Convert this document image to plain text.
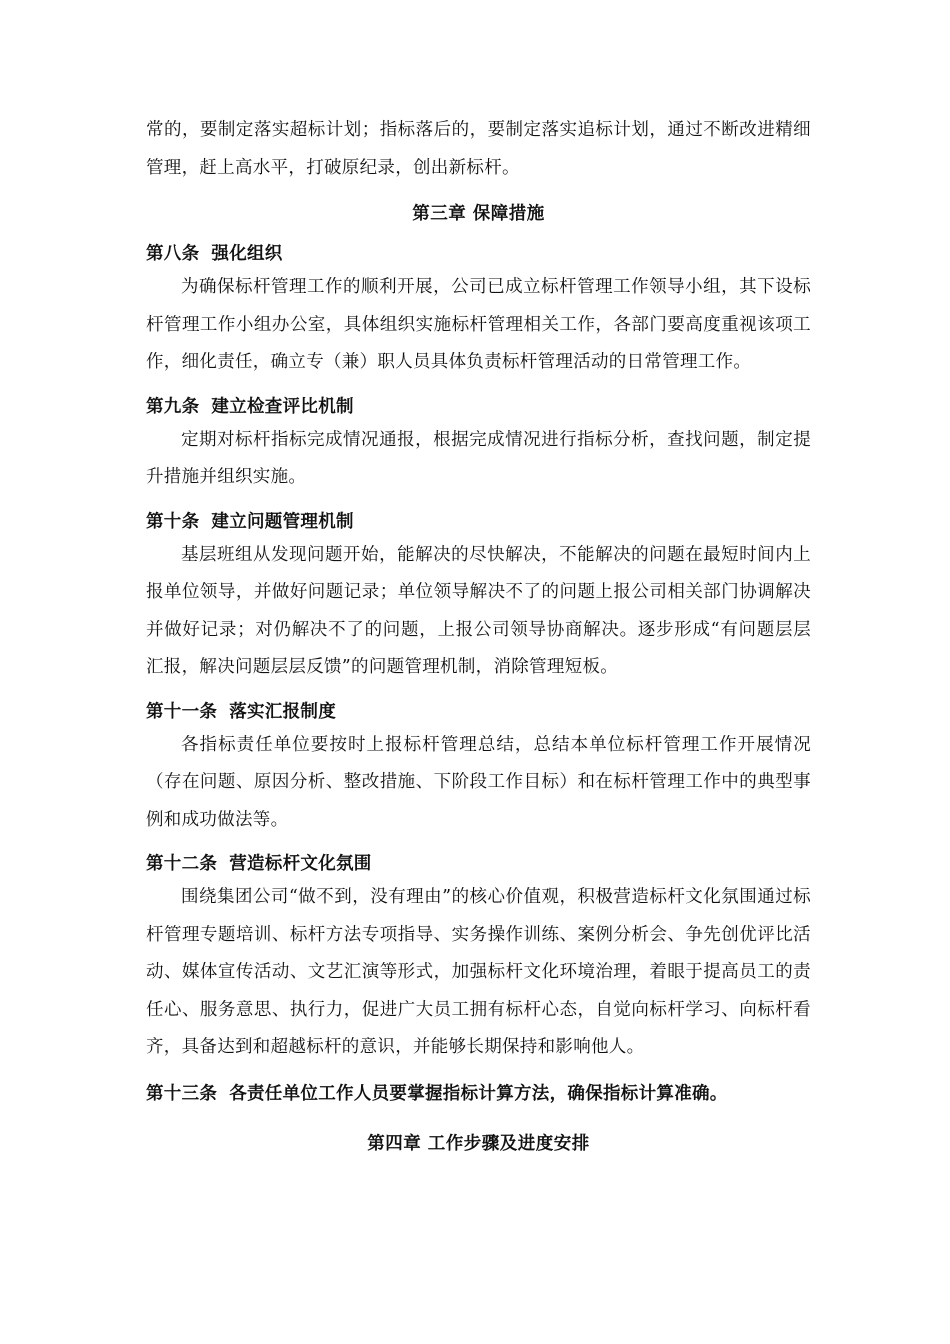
常的，要制定落实超标计划；指标落后的，要制定落实追标计划，通过不断改进精细管理，赶上高水平，打破原纪录，创出新标杆。

第三章 保障措施
第八条 强化组织

为确保标杆管理工作的顺利开展，公司已成立标杆管理工作领导小组，其下设标杆管理工作小组办公室，具体组织实施标杆管理相关工作，各部门要高度重视该项工作，细化责任，确立专（兼）职人员具体负责标杆管理活动的日常管理工作。

第九条 建立检查评比机制

定期对标杆指标完成情况通报，根据完成情况进行指标分析，查找问题，制定提升措施并组织实施。

第十条 建立问题管理机制

基层班组从发现问题开始，能解决的尽快解决，不能解决的问题在最短时间内上报单位领导，并做好问题记录；单位领导解决不了的问题上报公司相关部门协调解决并做好记录；对仍解决不了的问题，上报公司领导协商解决。逐步形成“有问题层层汇报，解决问题层层反馈”的问题管理机制，消除管理短板。

第十一条 落实汇报制度

各指标责任单位要按时上报标杆管理总结，总结本单位标杆管理工作开展情况（存在问题、原因分析、整改措施、下阶段工作目标）和在标杆管理工作中的典型事例和成功做法等。

第十二条 营造标杆文化氛围

围绕集团公司“做不到，没有理由”的核心价值观，积极营造标杆文化氛围通过标杆管理专题培训、标杆方法专项指导、实务操作训练、案例分析会、争先创优评比活动、媒体宣传活动、文艺汇演等形式，加强标杆文化环境治理，着眼于提高员工的责任心、服务意思、执行力，促进广大员工拥有标杆心态，自觉向标杆学习、向标杆看齐，具备达到和超越标杆的意识，并能够长期保持和影响他人。

第十三条 各责任单位工作人员要掌握指标计算方法，确保指标计算准确。
第四章 工作步骤及进度安排
